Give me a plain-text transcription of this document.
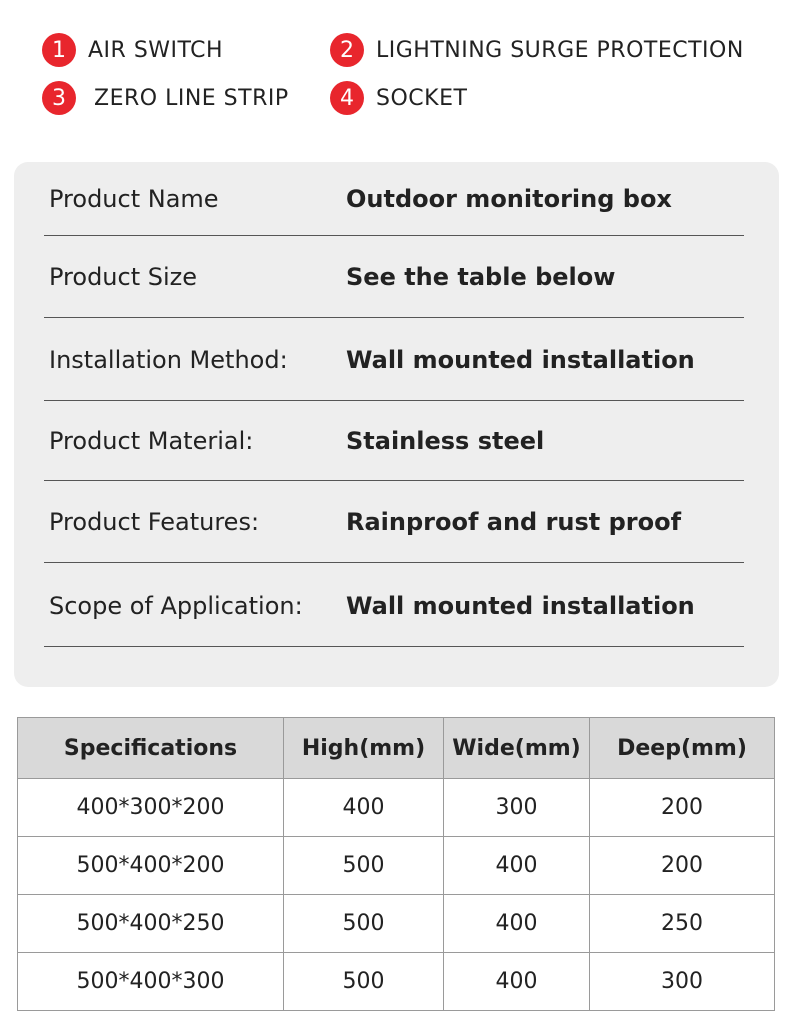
1	AIR SWITCH	2	LIGHTNING SURGE PROTECTION
3	ZERO LINE STRIP	4	SOCKET
Product Name	Outdoor monitoring box
Product Size	See the table below
Installation Method: Wall mounted installation
Product Material:	Stainless steel
Product Features:	Rainproof and rust proof
Scope of Application: Wall mounted installation
Specifications	High(mm)	Wide(mm)	Deep(mm)
400*300*200	400	300	200
500*400*200	500	400	200
500*400*250	500	400	250
500*400*300	500	400	300
